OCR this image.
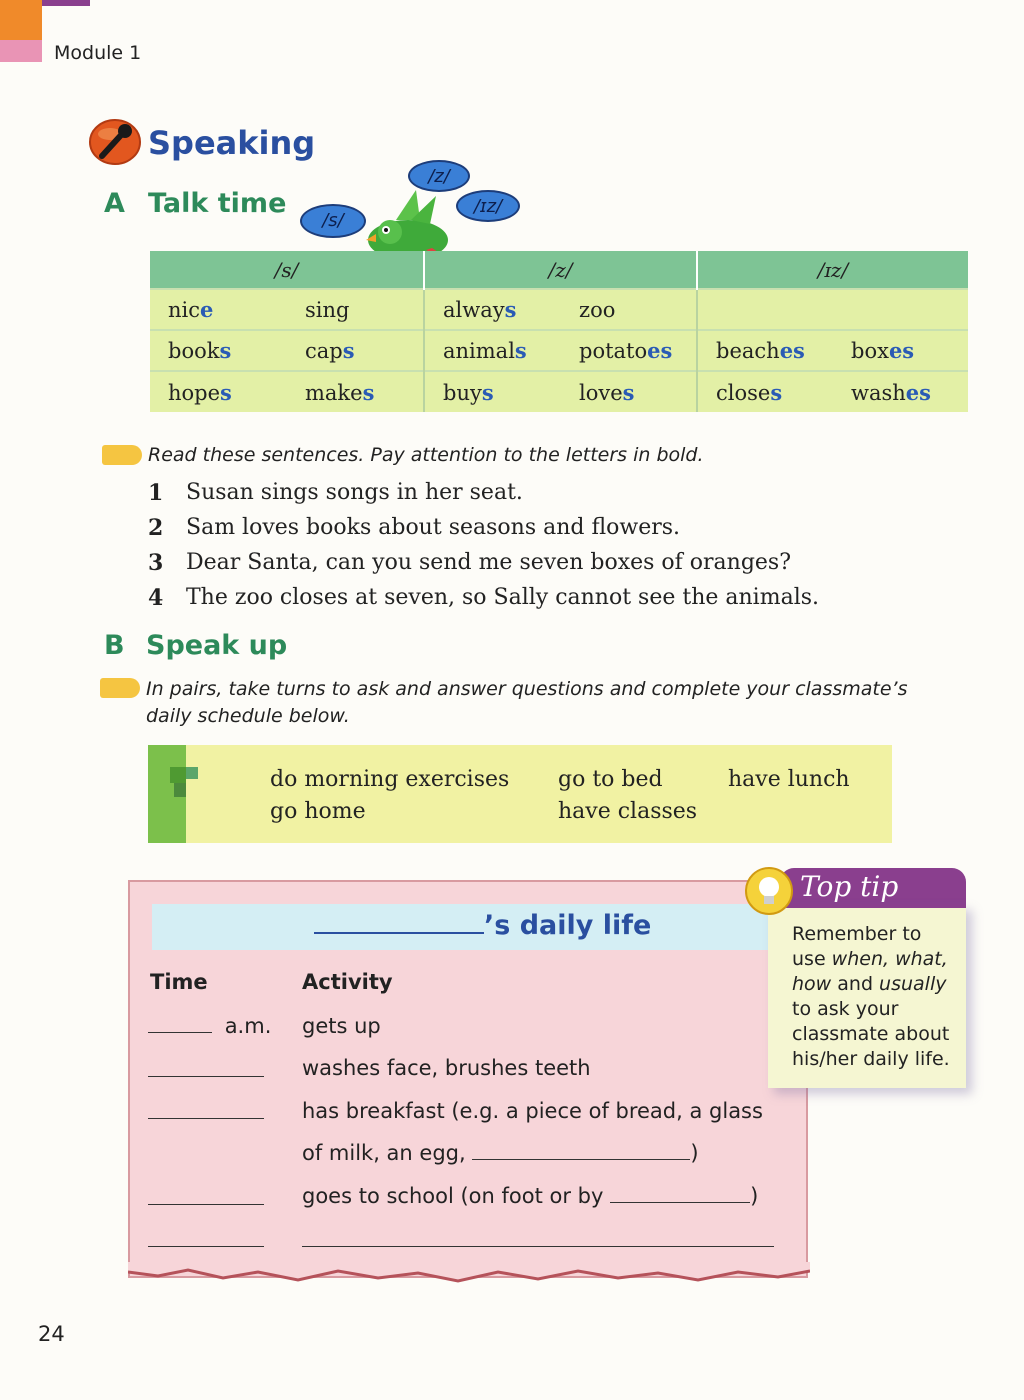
Module 1
Speaking
A Talk time
/s/
/z/
/ɪz/
/s/		/z/		/ɪz/	
nice	sing	always	zoo		
books	caps	animals	potatoes	beaches	boxes
hopes	makes	buys	loves	closes	washes
Read these sentences. Pay attention to the letters in bold.
1 Susan sings songs in her seat.
2 Sam loves books about seasons and flowers.
3 Dear Santa, can you send me seven boxes of oranges?
4 The zoo closes at seven, so Sally cannot see the animals.
B Speak up
In pairs, take turns to ask and answer questions and complete your classmate’s
daily schedule below.
do morning exercises go to bed	have lunch
go home	have classes
’s daily life
Time	Activity
a.m. gets up
washes face, brushes teeth
has breakfast (e.g. a piece of bread, a glass
of milk, an egg,	)
goes to school (on foot or by	)
Top tip
Remember to
use when, what,
how and usually
to ask your
classmate about
his/her daily life.
24
